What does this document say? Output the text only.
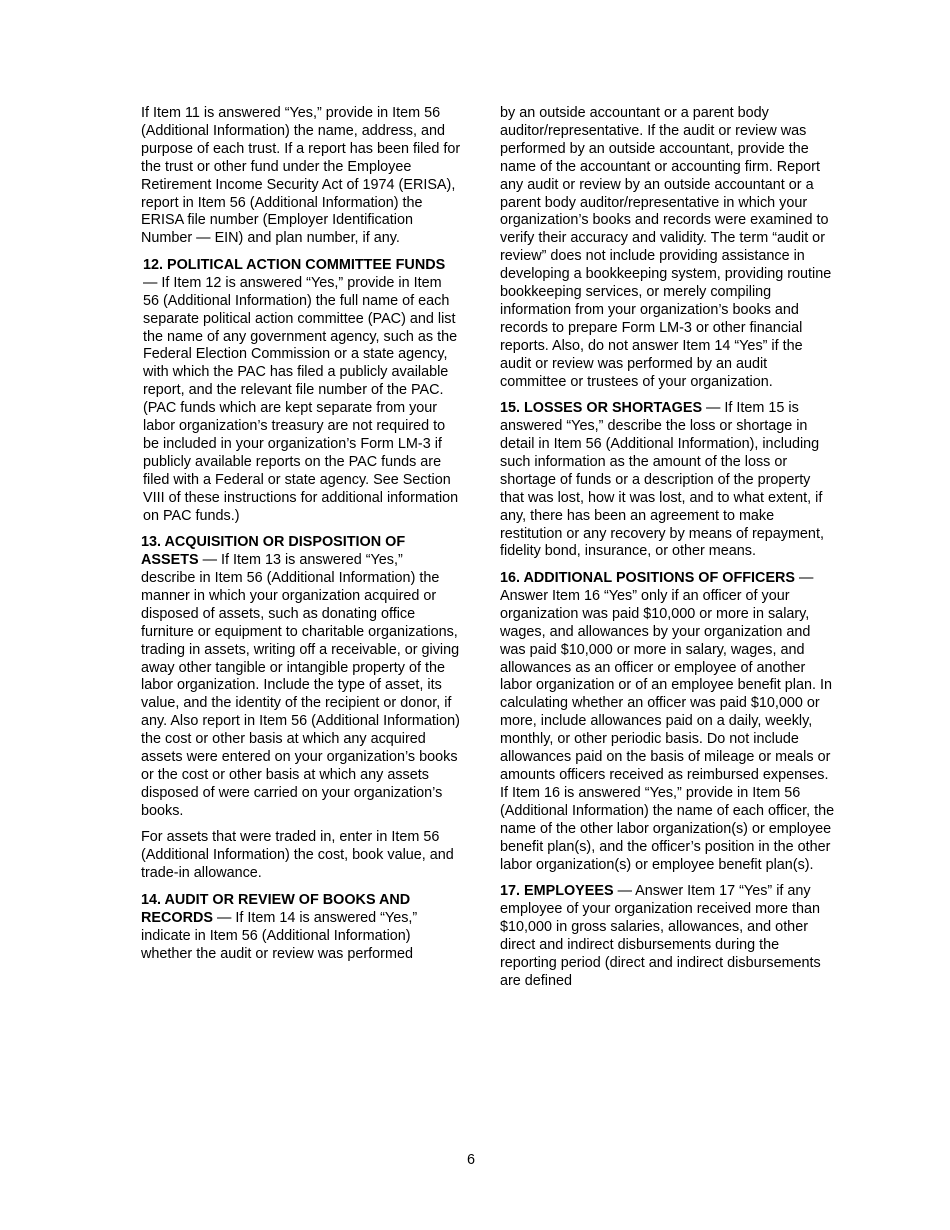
If Item 11 is answered “Yes,” provide in Item 56 (Additional Information) the name, address, and purpose of each trust. If a report has been filed for the trust or other fund under the Employee Retirement Income Security Act of 1974 (ERISA), report in Item 56 (Additional Information) the ERISA file number (Employer Identification Number — EIN) and plan number, if any.

12. POLITICAL ACTION COMMITTEE FUNDS — If Item 12 is answered “Yes,” provide in Item 56 (Additional Information) the full name of each separate political action committee (PAC) and list the name of any government agency, such as the Federal Election Commission or a state agency, with which the PAC has filed a publicly available report, and the relevant file number of the PAC. (PAC funds which are kept separate from your labor organization’s treasury are not required to be included in your organization’s Form LM-3 if publicly available reports on the PAC funds are filed with a Federal or state agency. See Section VIII of these instructions for additional information on PAC funds.)

13. ACQUISITION OR DISPOSITION OF ASSETS — If Item 13 is answered “Yes,” describe in Item 56 (Additional Information) the manner in which your organization acquired or disposed of assets, such as donating office furniture or equipment to charitable organizations, trading in assets, writing off a receivable, or giving away other tangible or intangible property of the labor organization. Include the type of asset, its value, and the identity of the recipient or donor, if any. Also report in Item 56 (Additional Information) the cost or other basis at which any acquired assets were entered on your organization’s books or the cost or other basis at which any assets disposed of were carried on your organization’s books.

For assets that were traded in, enter in Item 56 (Additional Information) the cost, book value, and trade-in allowance.

14. AUDIT OR REVIEW OF BOOKS AND RECORDS — If Item 14 is answered “Yes,” indicate in Item 56 (Additional Information) whether the audit or review was performed

by an outside accountant or a parent body auditor/representative. If the audit or review was performed by an outside accountant, provide the name of the accountant or accounting firm. Report any audit or review by an outside accountant or a parent body auditor/representative in which your organization’s books and records were examined to verify their accuracy and validity. The term “audit or review” does not include providing assistance in developing a bookkeeping system, providing routine bookkeeping services, or merely compiling information from your organization’s books and records to prepare Form LM-3 or other financial reports. Also, do not answer Item 14 “Yes” if the audit or review was performed by an audit committee or trustees of your organization.

15. LOSSES OR SHORTAGES — If Item 15 is answered “Yes,” describe the loss or shortage in detail in Item 56 (Additional Information), including such information as the amount of the loss or shortage of funds or a description of the property that was lost, how it was lost, and to what extent, if any, there has been an agreement to make restitution or any recovery by means of repayment, fidelity bond, insurance, or other means.

16. ADDITIONAL POSITIONS OF OFFICERS — Answer Item 16 “Yes” only if an officer of your organization was paid $10,000 or more in salary, wages, and allowances by your organization and was paid $10,000 or more in salary, wages, and allowances as an officer or employee of another labor organization or of an employee benefit plan. In calculating whether an officer was paid $10,000 or more, include allowances paid on a daily, weekly, monthly, or other periodic basis. Do not include allowances paid on the basis of mileage or meals or amounts officers received as reimbursed expenses. If Item 16 is answered “Yes,” provide in Item 56 (Additional Information) the name of each officer, the name of the other labor organization(s) or employee benefit plan(s), and the officer’s position in the other labor organization(s) or employee benefit plan(s).

17. EMPLOYEES — Answer Item 17 “Yes” if any employee of your organization received more than $10,000 in gross salaries, allowances, and other direct and indirect disbursements during the reporting period (direct and indirect disbursements are defined

6
